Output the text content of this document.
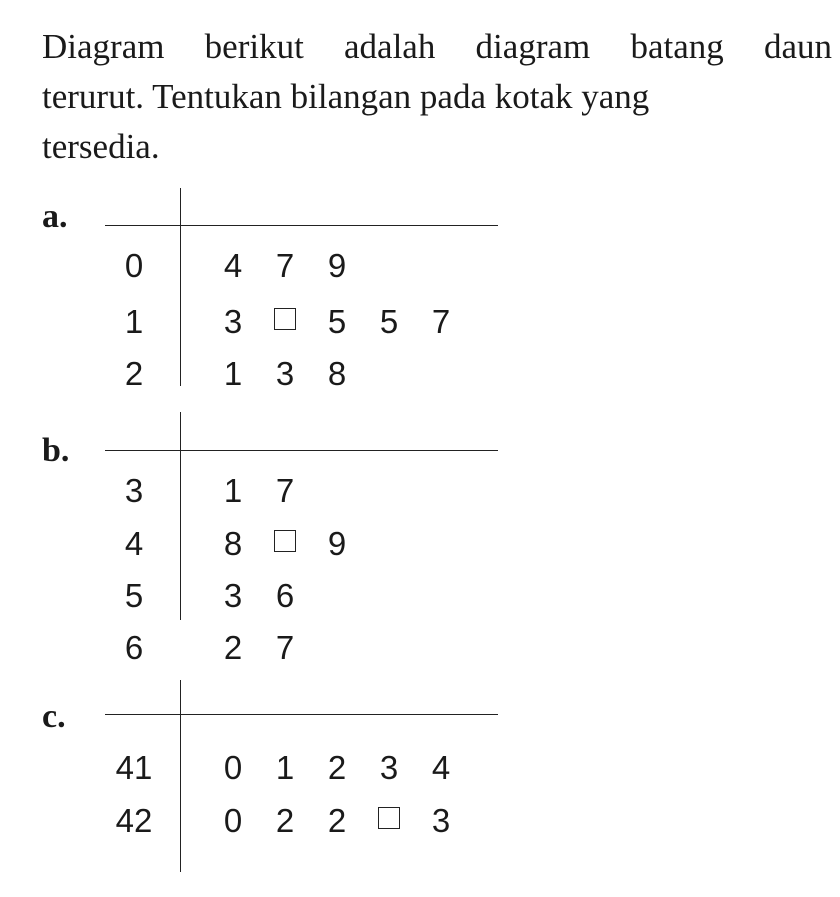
Diagram berikut adalah diagram batang daun
terurut. Tentukan bilangan pada kotak yang
tersedia.

a.
0	4 7 9
1	3	5 5 7
2	1 3 8
b.
3	1 7
4	8	9
5	3 6
6	2 7
c.
41	0 1 2 3 4
42	0 2 2	3
